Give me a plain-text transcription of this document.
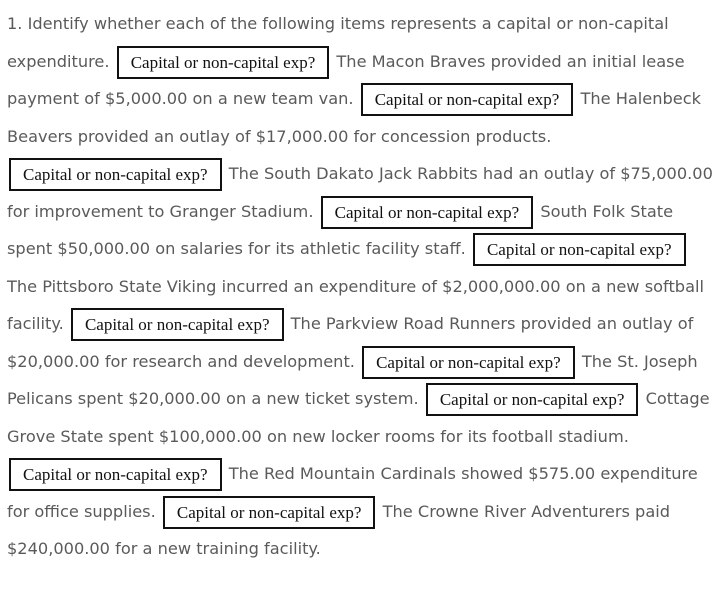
1. Identify whether each of the following items represents a capital or non-capital expenditure. Capital or non-capital exp? The Macon Braves provided an initial lease payment of $5,000.00 on a new team van. Capital or non-capital exp? The Halenbeck Beavers provided an outlay of $17,000.00 for concession products. Capital or non-capital exp? The South Dakato Jack Rabbits had an outlay of $75,000.00 for improvement to Granger Stadium. Capital or non-capital exp? South Folk State spent $50,000.00 on salaries for its athletic facility staff. Capital or non-capital exp? The Pittsboro State Viking incurred an expenditure of $2,000,000.00 on a new softball facility. Capital or non-capital exp? The Parkview Road Runners provided an outlay of $20,000.00 for research and development. Capital or non-capital exp? The St. Joseph Pelicans spent $20,000.00 on a new ticket system. Capital or non-capital exp? Cottage Grove State spent $100,000.00 on new locker rooms for its football stadium. Capital or non-capital exp? The Red Mountain Cardinals showed $575.00 expenditure for office supplies. Capital or non-capital exp? The Crowne River Adventurers paid $240,000.00 for a new training facility.
